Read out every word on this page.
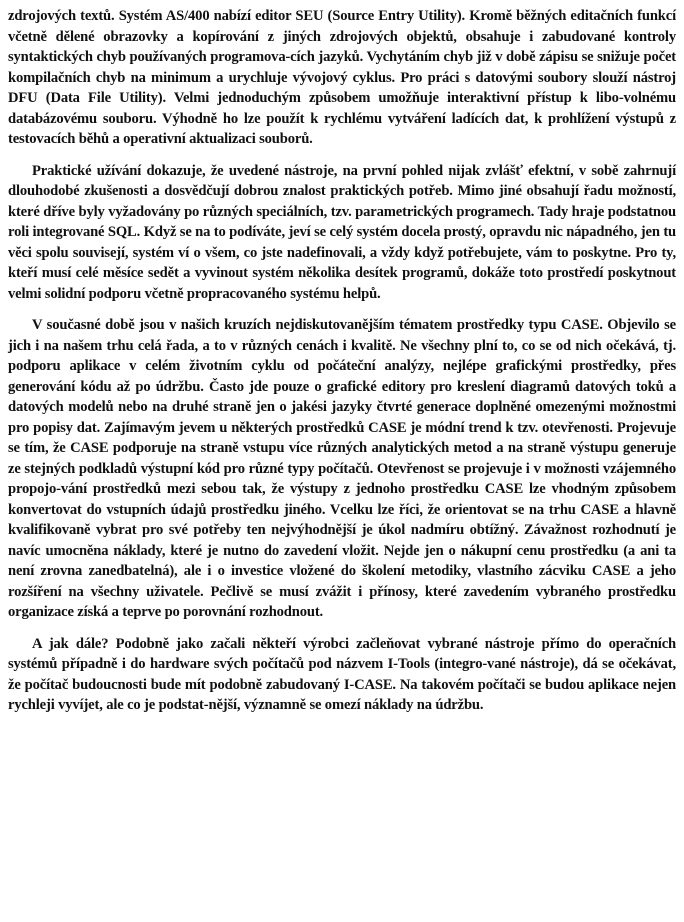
zdrojových textů. Systém AS/400 nabízí editor SEU (Source Entry Utility). Kromě běžných editačních funkcí včetně dělené obrazovky a kopírování z jiných zdrojových objektů, obsahuje i zabudované kontroly syntaktických chyb používaných programova-cích jazyků. Vychytáním chyb již v době zápisu se snižuje počet kompilačních chyb na minimum a urychluje vývojový cyklus. Pro práci s datovými soubory slouží nástroj DFU (Data File Utility). Velmi jednoduchým způsobem umožňuje interaktivní přístup k libo-volnému databázovému souboru. Výhodně ho lze použít k rychlému vytváření ladících dat, k prohlížení výstupů z testovacích běhů a operativní aktualizaci souborů.

Praktické užívání dokazuje, že uvedené nástroje, na první pohled nijak zvlášť efektní, v sobě zahrnují dlouhodobé zkušenosti a dosvědčují dobrou znalost praktických potřeb. Mimo jiné obsahují řadu možností, které dříve byly vyžadovány po různých speciálních, tzv. parametrických programech. Tady hraje podstatnou roli integrované SQL. Když se na to podíváte, jeví se celý systém docela prostý, opravdu nic nápadného, jen tu věci spolu souvisejí, systém ví o všem, co jste nadefinovali, a vždy když potřebujete, vám to poskytne. Pro ty, kteří musí celé měsíce sedět a vyvinout systém několika desítek programů, dokáže toto prostředí poskytnout velmi solidní podporu včetně propracovaného systému helpů.

V současné době jsou v našich kruzích nejdiskutovanějším tématem prostředky typu CASE. Objevilo se jich i na našem trhu celá řada, a to v různých cenách i kvalitě. Ne všechny plní to, co se od nich očekává, tj. podporu aplikace v celém životním cyklu od počáteční analýzy, nejlépe grafickými prostředky, přes generování kódu až po údržbu. Často jde pouze o grafické editory pro kreslení diagramů datových toků a datových modelů nebo na druhé straně jen o jakési jazyky čtvrté generace doplněné omezenými možnostmi pro popisy dat. Zajímavým jevem u některých prostředků CASE je módní trend k tzv. otevřenosti. Projevuje se tím, že CASE podporuje na straně vstupu více různých analytických metod a na straně výstupu generuje ze stejných podkladů výstupní kód pro různé typy počítačů. Otevřenost se projevuje i v možnosti vzájemného propojo-vání prostředků mezi sebou tak, že výstupy z jednoho prostředku CASE lze vhodným způsobem konvertovat do vstupních údajů prostředku jiného. Vcelku lze říci, že orientovat se na trhu CASE a hlavně kvalifikovaně vybrat pro své potřeby ten nejvýhodnější je úkol nadmíru obtížný. Závažnost rozhodnutí je navíc umocněna náklady, které je nutno do zavedení vložit. Nejde jen o nákupní cenu prostředku (a ani ta není zrovna zanedbatelná), ale i o investice vložené do školení metodiky, vlastního zácviku CASE a jeho rozšíření na všechny uživatele. Pečlivě se musí zvážit i přínosy, které zavedením vybraného prostředku organizace získá a teprve po porovnání rozhodnout.

A jak dále? Podobně jako začali někteří výrobci začleňovat vybrané nástroje přímo do operačních systémů případně i do hardware svých počítačů pod názvem I-Tools (integro-vané nástroje), dá se očekávat, že počítač budoucnosti bude mít podobně zabudovaný I-CASE. Na takovém počítači se budou aplikace nejen rychleji vyvíjet, ale co je podstat-nější, významně se omezí náklady na údržbu.
